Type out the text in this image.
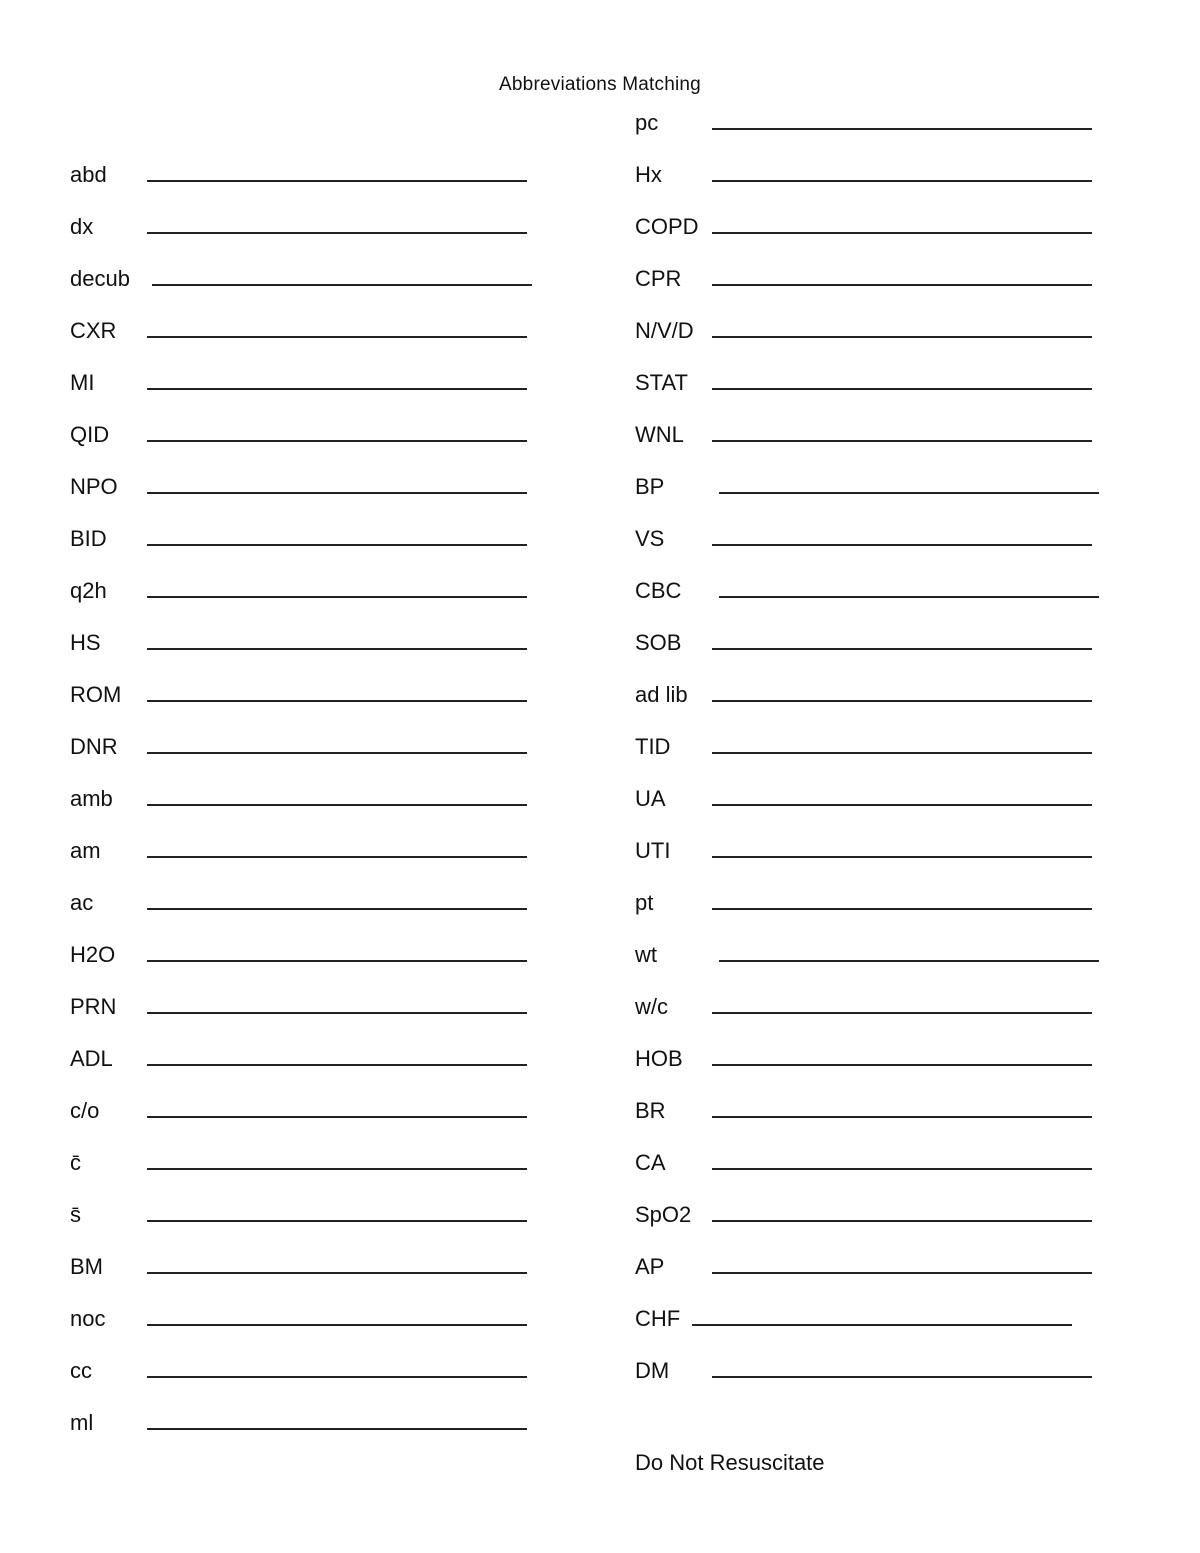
Abbreviations Matching
abd
dx
decub
CXR
MI
QID
NPO
BID
q2h
HS
ROM
DNR
amb
am
ac
H2O
PRN
ADL
c/o
c̄
s̄
BM
noc
cc
ml
pc
Hx
COPD
CPR
N/V/D
STAT
WNL
BP
VS
CBC
SOB
ad lib
TID
UA
UTI
pt
wt
w/c
HOB
BR
CA
SpO2
AP
CHF
DM
Do Not Resuscitate
